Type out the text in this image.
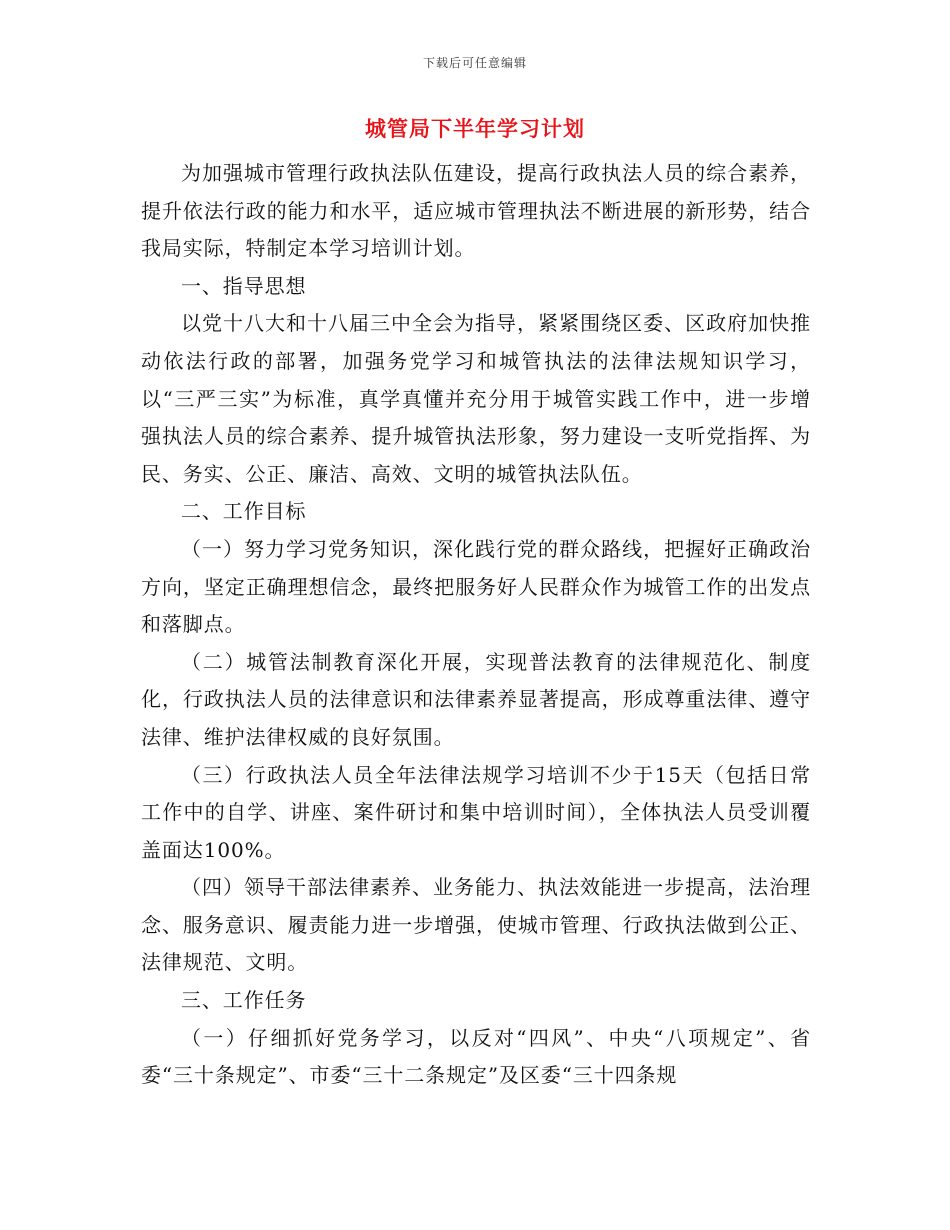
下载后可任意编辑
城管局下半年学习计划

为加强城市管理行政执法队伍建设，提高行政执法人员的综合素养，提升依法行政的能力和水平，适应城市管理执法不断进展的新形势，结合我局实际，特制定本学习培训计划。

一、指导思想

以党十八大和十八届三中全会为指导，紧紧围绕区委、区政府加快推动依法行政的部署，加强务党学习和城管执法的法律法规知识学习，以“三严三实”为标准，真学真懂并充分用于城管实践工作中，进一步增强执法人员的综合素养、提升城管执法形象，努力建设一支听党指挥、为民、务实、公正、廉洁、高效、文明的城管执法队伍。

二、工作目标

（一）努力学习党务知识，深化践行党的群众路线，把握好正确政治方向，坚定正确理想信念，最终把服务好人民群众作为城管工作的出发点和落脚点。

（二）城管法制教育深化开展，实现普法教育的法律规范化、制度化，行政执法人员的法律意识和法律素养显著提高，形成尊重法律、遵守法律、维护法律权威的良好氛围。

（三）行政执法人员全年法律法规学习培训不少于15天（包括日常工作中的自学、讲座、案件研讨和集中培训时间），全体执法人员受训覆盖面达100%。

（四）领导干部法律素养、业务能力、执法效能进一步提高，法治理念、服务意识、履责能力进一步增强，使城市管理、行政执法做到公正、法律规范、文明。

三、工作任务

（一）仔细抓好党务学习，以反对“四风”、中央“八项规定”、省委“三十条规定”、市委“三十二条规定”及区委“三十四条规
